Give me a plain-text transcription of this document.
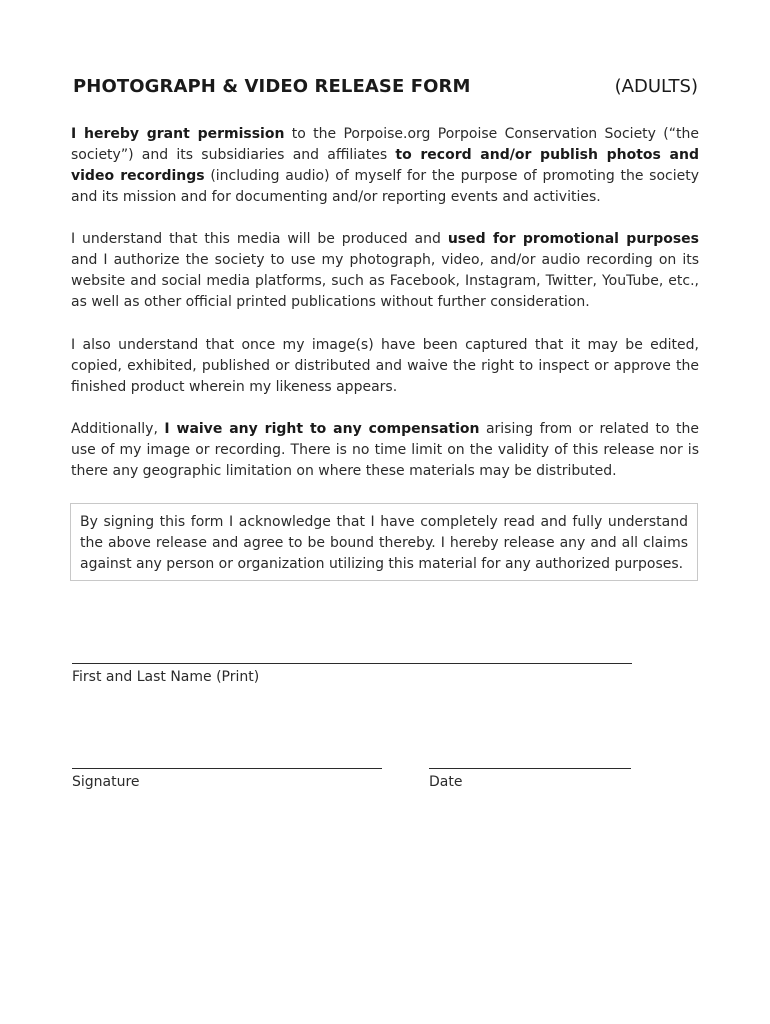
PHOTOGRAPH & VIDEO RELEASE FORM	(ADULTS)

I hereby grant permission to the Porpoise.org Porpoise Conservation Society (“the society”) and its subsidiaries and affiliates to record and/or publish photos and video recordings (including audio) of myself for the purpose of promoting the society and its mission and for documenting and/or reporting events and activities.

I understand that this media will be produced and used for promotional purposes and I authorize the society to use my photograph, video, and/or audio recording on its website and social media platforms, such as Facebook, Instagram, Twitter, YouTube, etc., as well as other official printed publications without further consideration.

I also understand that once my image(s) have been captured that it may be edited, copied, exhibited, published or distributed and waive the right to inspect or approve the finished product wherein my likeness appears.

Additionally, I waive any right to any compensation arising from or related to the use of my image or recording. There is no time limit on the validity of this release nor is there any geographic limitation on where these materials may be distributed.

By signing this form I acknowledge that I have completely read and fully understand the above release and agree to be bound thereby. I hereby release any and all claims against any person or organization utilizing this material for any authorized purposes.

First and Last Name (Print)
Signature	Date
